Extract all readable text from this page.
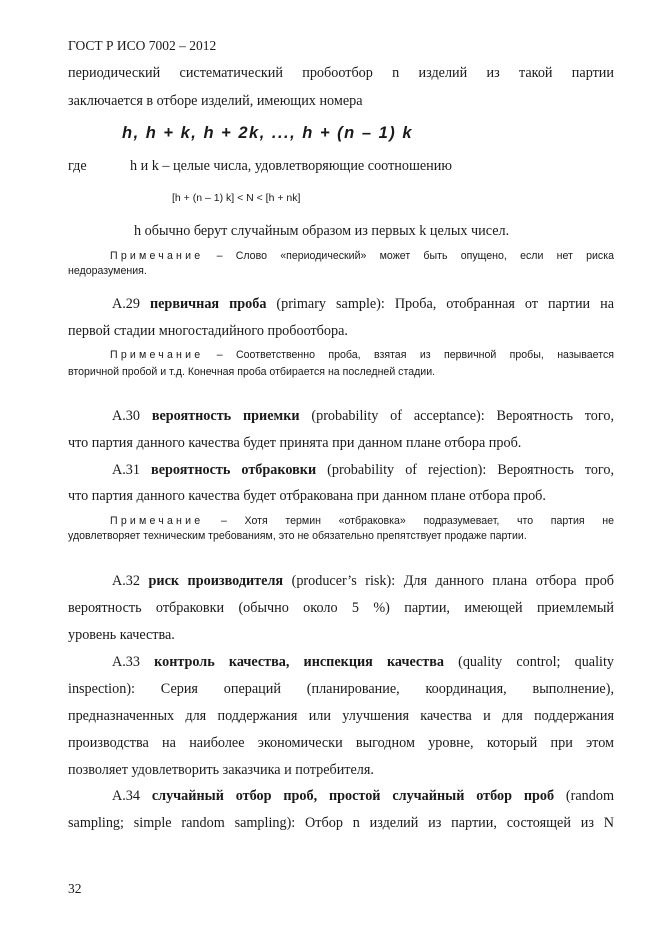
ГОСТ Р ИСО 7002 – 2012
периодический систематический пробоотбор n изделий из такой партии
заключается в отборе изделий, имеющих номера
h, h + k, h + 2k, ..., h + (n – 1) k
где	h и k – целые числа, удовлетворяющие соотношению
[h + (n – 1) k] < N < [h + nk]
h обычно берут случайным образом из первых k целых чисел.
Примечание – Слово «периодический» может быть опущено, если нет риска
недоразумения.
А.29 первичная проба (primary sample): Проба, отобранная от партии на
первой стадии многостадийного пробоотбора.
Примечание – Соответственно проба, взятая из первичной пробы, называется
вторичной пробой и т.д. Конечная проба отбирается на последней стадии.
А.30 вероятность приемки (probability of acceptance): Вероятность того,
что партия данного качества будет принята при данном плане отбора проб.
А.31 вероятность отбраковки (probability of rejection): Вероятность того,
что партия данного качества будет отбракована при данном плане отбора проб.
Примечание – Хотя термин «отбраковка» подразумевает, что партия не
удовлетворяет техническим требованиям, это не обязательно препятствует продаже партии.
А.32 риск производителя (producer’s risk): Для данного плана отбора проб
вероятность отбраковки (обычно около 5 %) партии, имеющей приемлемый
уровень качества.
А.33 контроль качества, инспекция качества (quality control; quality
inspection): Серия операций (планирование, координация, выполнение),
предназначенных для поддержания или улучшения качества и для поддержания
производства на наиболее экономически выгодном уровне, который при этом
позволяет удовлетворить заказчика и потребителя.
А.34 случайный отбор проб, простой случайный отбор проб (random
sampling; simple random sampling): Отбор n изделий из партии, состоящей из N
32
